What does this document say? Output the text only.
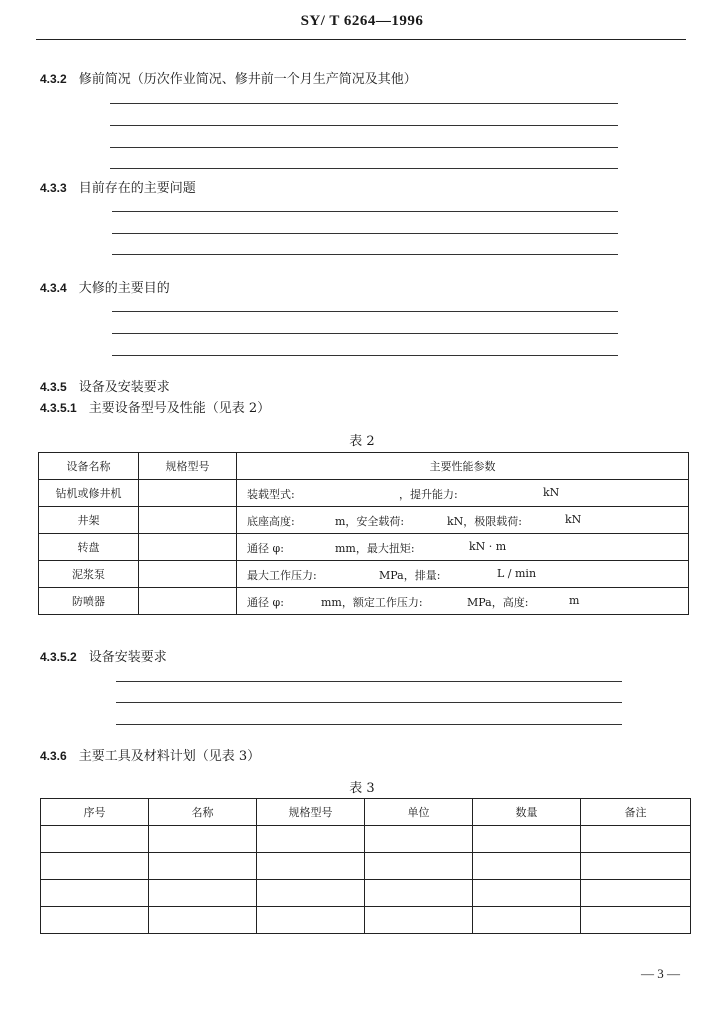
SY/ T 6264—1996
4.3.2 修前简况（历次作业简况、修井前一个月生产简况及其他）
4.3.3 目前存在的主要问题
4.3.4 大修的主要目的
4.3.5 设备及安装要求
4.3.5.1 主要设备型号及性能（见表 2）
表 2
设备名称	规格型号	主要性能参数
钻机或修井机		装载型式: ，提升能力: kN

井架		底座高度: m，安全载荷: kN，极限载荷: kN

转盘		通径 φ: mm，最大扭矩: kN · m

泥浆泵		最大工作压力: MPa，排量: L / min

防喷器		通径 φ: mm，额定工作压力: MPa，高度: m
4.3.5.2 设备安装要求
4.3.6 主要工具及材料计划（见表 3）
表 3
序号	名称	规格型号	单位	数量	备注

— 3 —
